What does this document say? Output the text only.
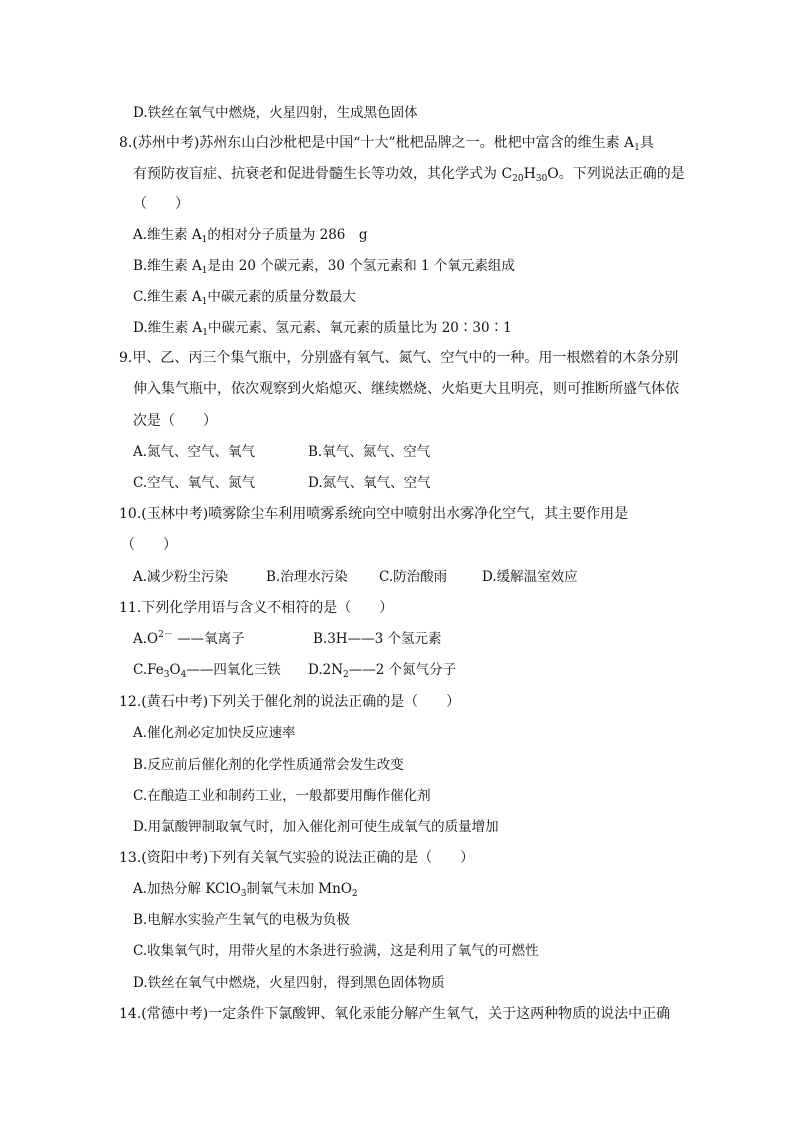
D.铁丝在氧气中燃烧，火星四射，生成黑色固体
8.(苏州中考)苏州东山白沙枇杷是中国“十大”枇杷品牌之一。枇杷中富含的维生素 $A_1$具
有预防夜盲症、抗衰老和促进骨髓生长等功效，其化学式为 $C_{20}H_{30}O$。下列说法正确的是
（　　）
A.维生素 $A_1$的相对分子质量为 286　g
B.维生素 $A_1$是由 20 个碳元素，30 个氢元素和 1 个氧元素组成
C.维生素 $A_1$中碳元素的质量分数最大
D.维生素 $A_1$中碳元素、氢元素、氧元素的质量比为 20∶30∶1
9.甲、乙、丙三个集气瓶中，分别盛有氧气、氮气、空气中的一种。用一根燃着的木条分别
伸入集气瓶中，依次观察到火焰熄灭、继续燃烧、火焰更大且明亮，则可推断所盛气体依
次是（　　）
A.氮气、空气、氧气	B.氧气、氮气、空气
C.空气、氧气、氮气	D.氮气、氧气、空气
10.(玉林中考)喷雾除尘车利用喷雾系统向空中喷射出水雾净化空气，其主要作用是
（　　）
A.减少粉尘污染	B.治理水污染 C.防治酸雨	D.缓解温室效应
11.下列化学用语与含义不相符的是（　　）
$A.O^{2-}$ ——氧离子	B.3H——3 个氢元素
$C.Fe_3O_4——$四氧化三铁 $D.2N_2——2$ 个氮气分子
12.(黄石中考)下列关于催化剂的说法正确的是（　　）
A.催化剂必定加快反应速率
B.反应前后催化剂的化学性质通常会发生改变
C.在酿造工业和制药工业，一般都要用酶作催化剂
D.用氯酸钾制取氧气时，加入催化剂可使生成氧气的质量增加
13.(资阳中考)下列有关氧气实验的说法正确的是（　　）
A.加热分解 KClO$_3$制氧气未加 MnO$_2$
B.电解水实验产生氧气的电极为负极
C.收集氧气时，用带火星的木条进行验满，这是利用了氧气的可燃性
D.铁丝在氧气中燃烧，火星四射，得到黑色固体物质
14.(常德中考)一定条件下氯酸钾、氧化汞能分解产生氧气，关于这两种物质的说法中正确
